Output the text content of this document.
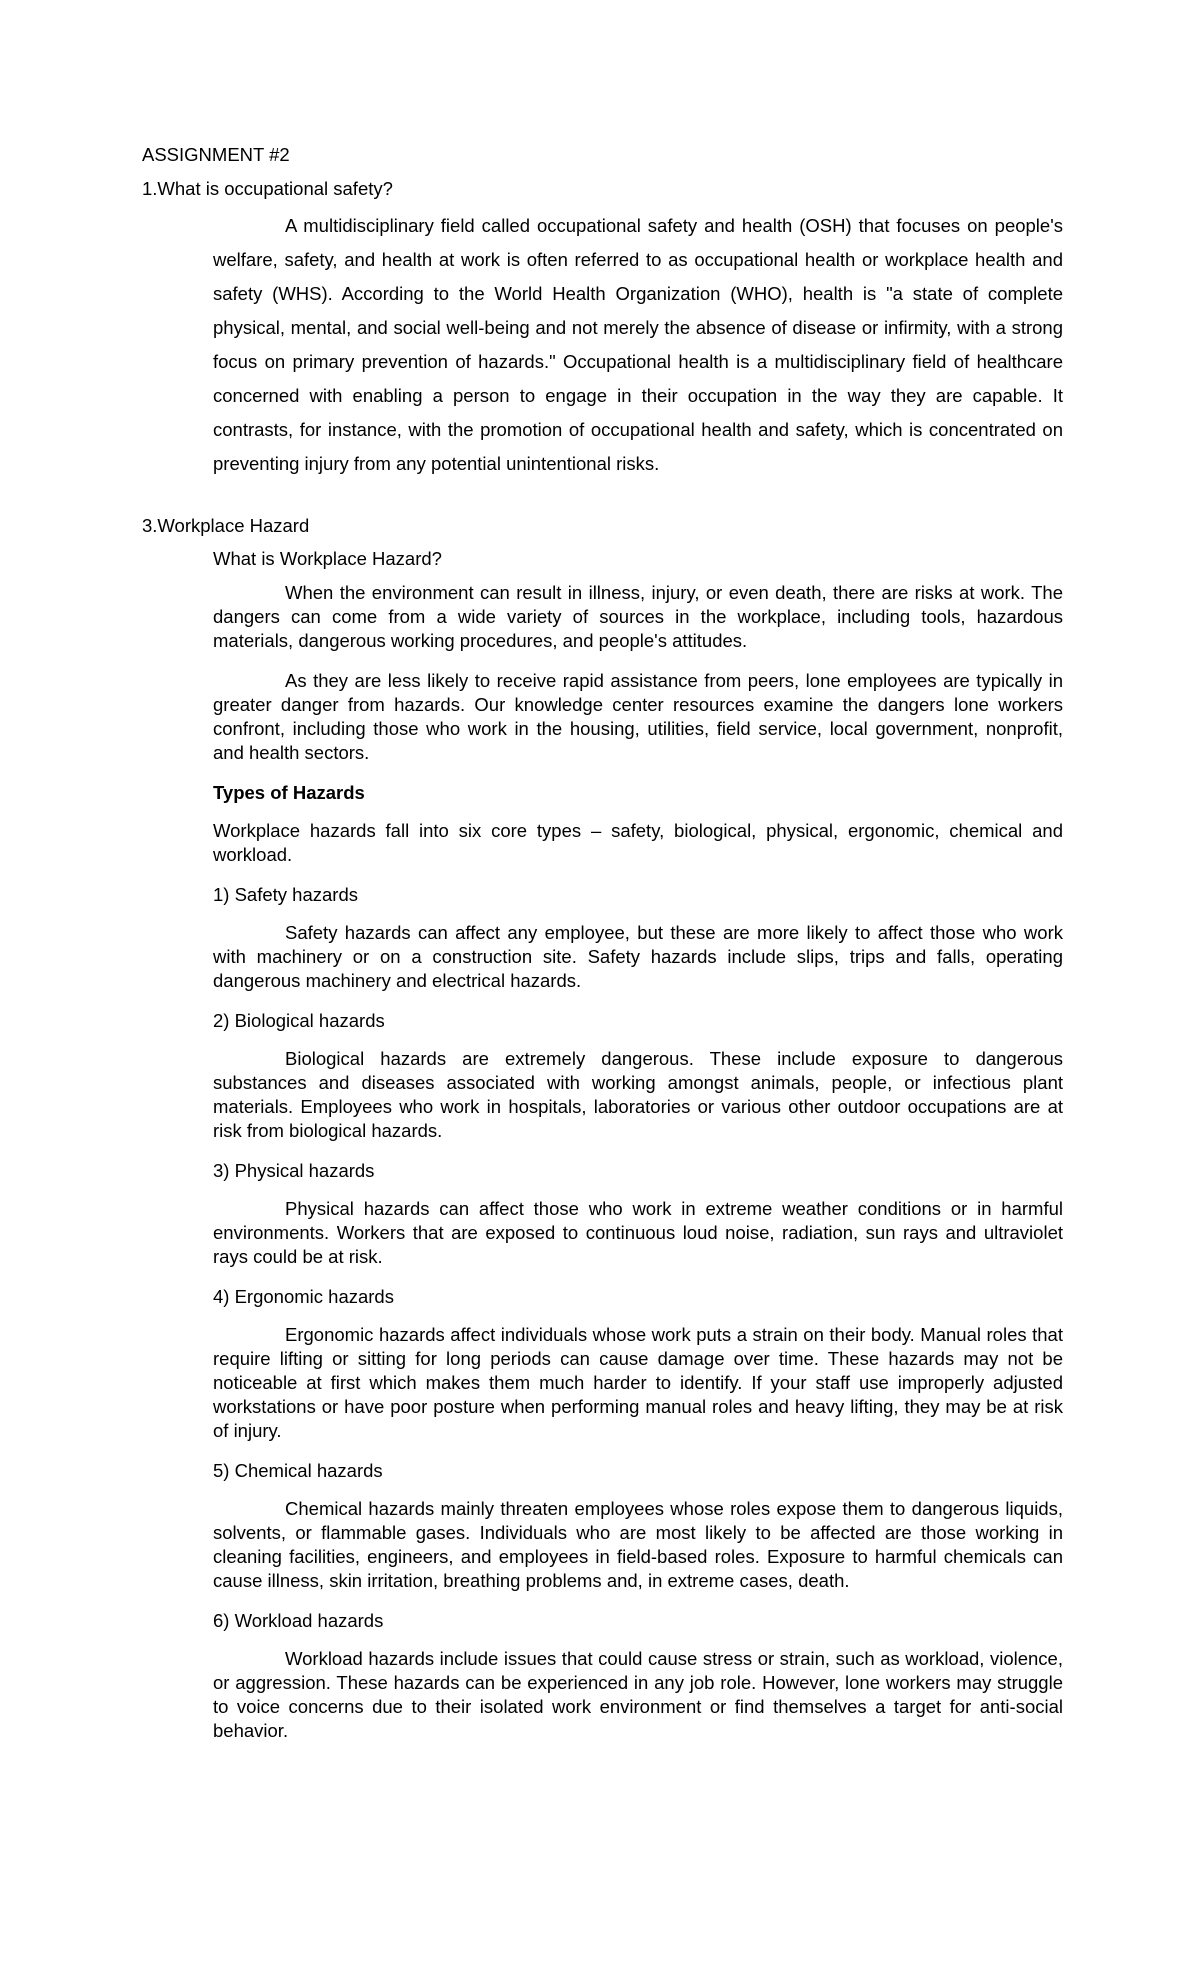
ASSIGNMENT #2
1.What is occupational safety?

A multidisciplinary field called occupational safety and health (OSH) that focuses on people's welfare, safety, and health at work is often referred to as occupational health or workplace health and safety (WHS). According to the World Health Organization (WHO), health is "a state of complete physical, mental, and social well-being and not merely the absence of disease or infirmity, with a strong focus on primary prevention of hazards." Occupational health is a multidisciplinary field of healthcare concerned with enabling a person to engage in their occupation in the way they are capable. It contrasts, for instance, with the promotion of occupational health and safety, which is concentrated on preventing injury from any potential unintentional risks.

3.Workplace Hazard

What is Workplace Hazard?

When the environment can result in illness, injury, or even death, there are risks at work. The dangers can come from a wide variety of sources in the workplace, including tools, hazardous materials, dangerous working procedures, and people's attitudes.

As they are less likely to receive rapid assistance from peers, lone employees are typically in greater danger from hazards. Our knowledge center resources examine the dangers lone workers confront, including those who work in the housing, utilities, field service, local government, nonprofit, and health sectors.

Types of Hazards

Workplace hazards fall into six core types – safety, biological, physical, ergonomic, chemical and workload.

1) Safety hazards

Safety hazards can affect any employee, but these are more likely to affect those who work with machinery or on a construction site. Safety hazards include slips, trips and falls, operating dangerous machinery and electrical hazards.

2) Biological hazards

Biological hazards are extremely dangerous. These include exposure to dangerous substances and diseases associated with working amongst animals, people, or infectious plant materials. Employees who work in hospitals, laboratories or various other outdoor occupations are at risk from biological hazards.

3) Physical hazards

Physical hazards can affect those who work in extreme weather conditions or in harmful environments. Workers that are exposed to continuous loud noise, radiation, sun rays and ultraviolet rays could be at risk.

4) Ergonomic hazards

Ergonomic hazards affect individuals whose work puts a strain on their body. Manual roles that require lifting or sitting for long periods can cause damage over time. These hazards may not be noticeable at first which makes them much harder to identify. If your staff use improperly adjusted workstations or have poor posture when performing manual roles and heavy lifting, they may be at risk of injury.

5) Chemical hazards

Chemical hazards mainly threaten employees whose roles expose them to dangerous liquids, solvents, or flammable gases. Individuals who are most likely to be affected are those working in cleaning facilities, engineers, and employees in field-based roles. Exposure to harmful chemicals can cause illness, skin irritation, breathing problems and, in extreme cases, death.

6) Workload hazards

Workload hazards include issues that could cause stress or strain, such as workload, violence, or aggression. These hazards can be experienced in any job role. However, lone workers may struggle to voice concerns due to their isolated work environment or find themselves a target for anti-social behavior.
